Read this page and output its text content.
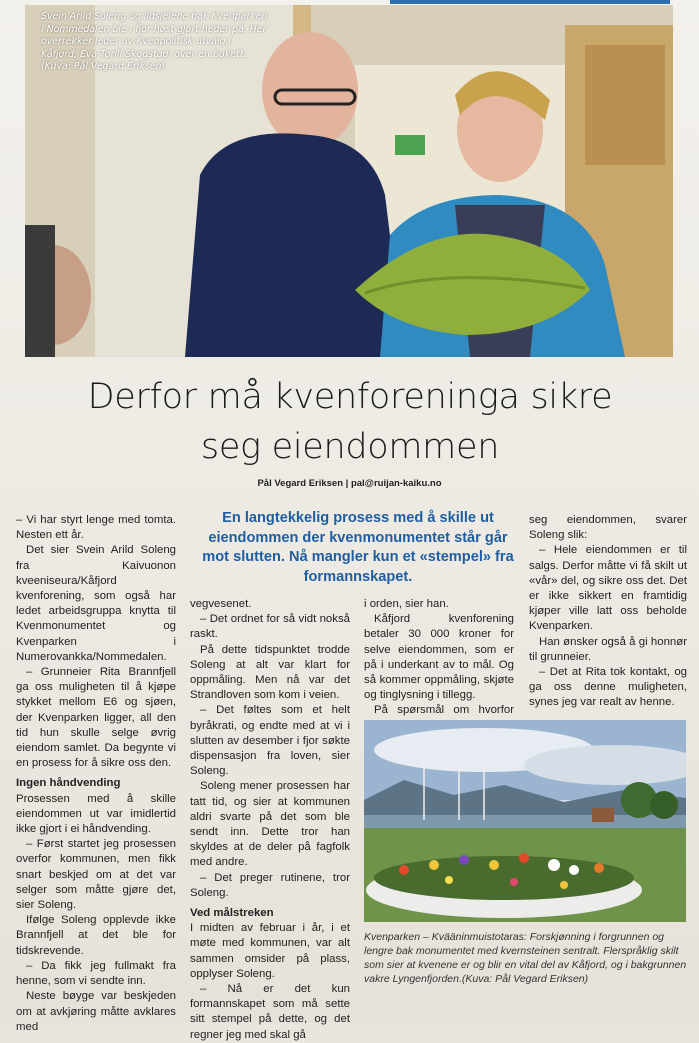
Svein Arild Soleng og ildsjelene bak Kvenparken i Nommedalen ble i fjor høst gjort heder på. Her overrekker leder av Kvenpolitisk utvalg i Kåfjord, Eva Torill Skogstad, over en bukett. (Kuva: Pål Vegard Eriksen)
Derfor må kvenforeninga sikre
seg eiendommen
Pål Vegard Eriksen | pal@ruijan-kaiku.no
En langtekkelig prosess med å skille ut eiendommen der kvenmonumentet står går mot slutten. Nå mangler kun et «stempel» fra formannskapet.

– Vi har styrt lenge med tomta. Nesten ett år.

Det sier Svein Arild Soleng fra Kaivuonon kveeniseura/Kåfjord kvenforening, som også har ledet arbeidsgruppa knytta til Kvenmonumentet og Kvenparken i Numerovankka/Nommedalen.

– Grunneier Rita Brannfjell ga oss muligheten til å kjøpe stykket mellom E6 og sjøen, der Kvenparken ligger, all den tid hun skulle selge øvrig eiendom samlet. Da begynte vi en prosess for å sikre oss den.

Ingen håndvending

Prosessen med å skille eiendommen ut var imidlertid ikke gjort i ei håndvending.

– Først startet jeg prosessen overfor kommunen, men fikk snart beskjed om at det var selger som måtte gjøre det, sier Soleng.

Ifølge Soleng opplevde ikke Brannfjell at det ble for tidskrevende.

– Da fikk jeg fullmakt fra henne, som vi sendte inn.

Neste bøyge var beskjeden om at avkjøring måtte avklares med

vegvesenet.

– Det ordnet for så vidt nokså raskt.

På dette tidspunktet trodde Soleng at alt var klart for oppmåling. Men nå var det Strandloven som kom i veien.

– Det føltes som et helt byråkrati, og endte med at vi i slutten av desember i fjor søkte dispensasjon fra loven, sier Soleng.

Soleng mener prosessen har tatt tid, og sier at kommunen aldri svarte på det som ble sendt inn. Dette tror han skyldes at de deler på fagfolk med andre.

– Det preger rutinene, tror Soleng.

Ved målstreken

I midten av februar i år, i et møte med kommunen, var alt sammen omsider på plass, opplyser Soleng.

– Nå er det kun formannskapet som må sette sitt stempel på dette, og det regner jeg med skal gå

i orden, sier han.

Kåfjord kvenforening betaler 30 000 kroner for selve eiendommen, som er på i underkant av to mål. Og så kommer oppmåling, skjøte og tinglysning i tillegg.

På spørsmål om hvorfor

seg eiendommen, svarer Soleng slik:

– Hele eiendommen er til salgs. Derfor måtte vi få skilt ut «vår» del, og sikre oss det. Det er ikke sikkert en framtidig kjøper ville latt oss beholde Kvenparken.

Han ønsker også å gi honnør til grunneier.

– Det at Rita tok kontakt, og ga oss denne muligheten, synes jeg var realt av henne.

Kvenparken – Kvääninmuistotaras: Forskjønning i forgrunnen og lengre bak monumentet med kvernsteinen sentralt. Flerspråklig skilt som sier at kvenene er og blir en vital del av Kåfjord, og i bakgrunnen vakre Lyngenfjorden.(Kuva: Pål Vegard Eriksen)
